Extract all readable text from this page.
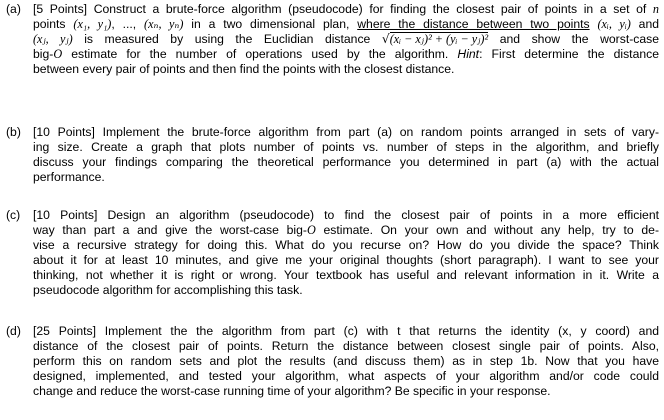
(a) [5 Points] Construct a brute-force algorithm (pseudocode) for finding the closest pair of points in a set of n
points (x₁, y₁), ..., (xₙ, yₙ) in a two dimensional plan, where the distance between two points (xᵢ, yᵢ) and
(xⱼ, yⱼ) is measured by using the Euclidian distance √(xᵢ − xⱼ)² + (yᵢ − yⱼ)² and show the worst-case
big-O estimate for the number of operations used by the algorithm. Hint: First determine the distance
between every pair of points and then find the points with the closest distance.
(b) [10 Points] Implement the brute-force algorithm from part (a) on random points arranged in sets of vary-
ing size. Create a graph that plots number of points vs. number of steps in the algorithm, and briefly
discuss your findings comparing the theoretical performance you determined in part (a) with the actual
performance.
(c) [10 Points] Design an algorithm (pseudocode) to find the closest pair of points in a more efficient
way than part a and give the worst-case big-O estimate. On your own and without any help, try to de-
vise a recursive strategy for doing this. What do you recurse on? How do you divide the space? Think
about it for at least 10 minutes, and give me your original thoughts (short paragraph). I want to see your
thinking, not whether it is right or wrong. Your textbook has useful and relevant information in it. Write a
pseudocode algorithm for accomplishing this task.
(d) [25 Points] Implement the the algorithm from part (c) with t that returns the identity (x, y coord) and
distance of the closest pair of points. Return the distance between closest single pair of points. Also,
perform this on random sets and plot the results (and discuss them) as in step 1b. Now that you have
designed, implemented, and tested your algorithm, what aspects of your algorithm and/or code could
change and reduce the worst-case running time of your algorithm? Be specific in your response.
